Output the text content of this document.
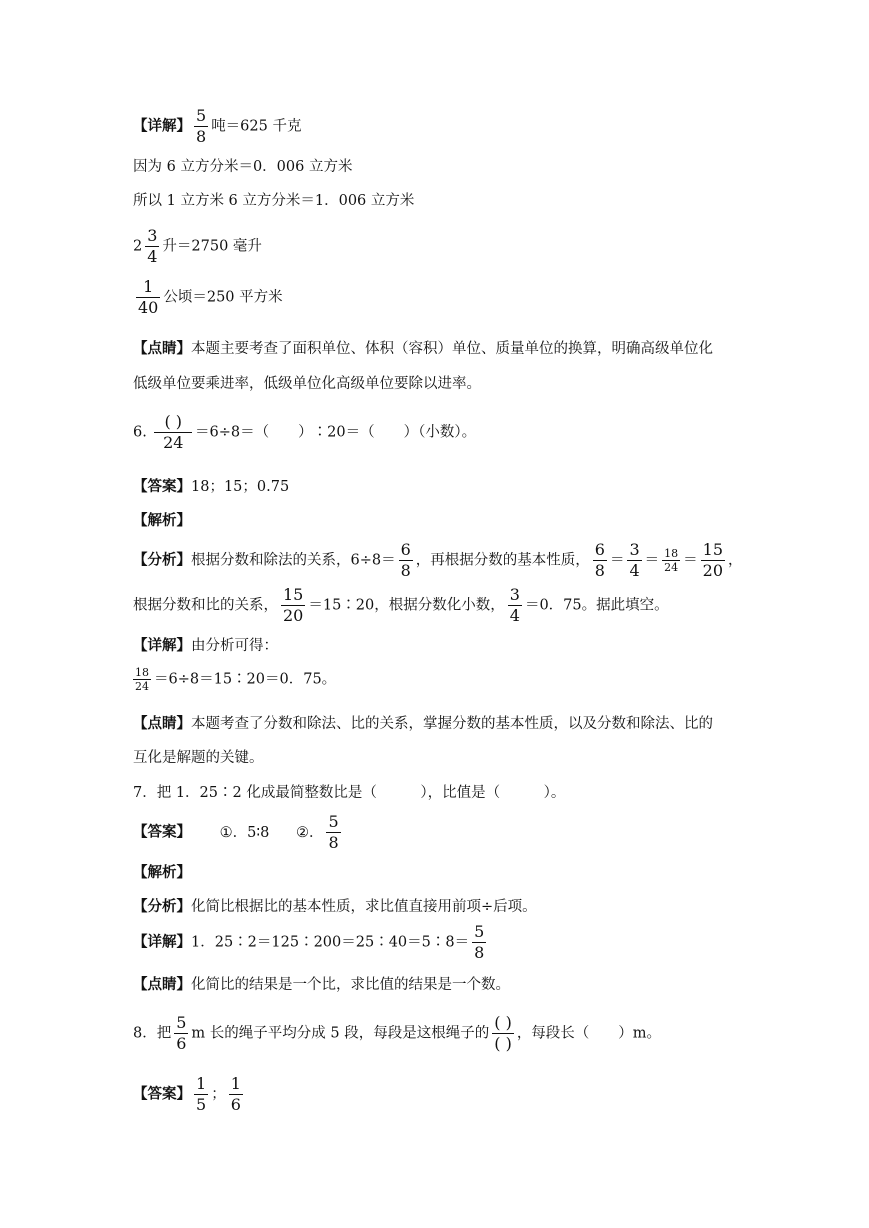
【详解】 $\frac{5}{8}$ 吨＝625 千克
因为 6 立方分米＝0．006 立方米
所以 1 立方米 6 立方分米＝1．006 立方米
$2 \frac{3}{4}$ 升＝2750 毫升
$\frac{1}{40}$ 公顷＝250 平方米
【点睛】本题主要考查了面积单位、体积（容积）单位、质量单位的换算，明确高级单位化
低级单位要乘进率，低级单位化高级单位要除以进率。
6.
( )
24
＝6÷8＝（　　）∶20＝（　　）（小数）。
【答案】18；15；0.75
【解析】
【分析】根据分数和除法的关系，$6\div 8= \frac{6}{8}$ ，再根据分数的基本性质， $\frac{6}{8} = \frac{3}{4} = \frac{18}{24} = \frac{15}{20}$ ，
根据分数和比的关系， $\frac{15}{20}$ ＝15∶20，根据分数化小数， $\frac{3}{4} =0$．75。据此填空。
【详解】由分析可得：
$\frac{18}{24}$ ＝6÷8＝15∶20＝0．75。
【点睛】本题考查了分数和除法、比的关系，掌握分数的基本性质，以及分数和除法、比的
互化是解题的关键。
7．把 1．25∶2 化成最简整数比是（　　　），比值是（　　　）。
【答案】 ①．5∶8 ②． $\frac{5}{8}$
【解析】
【分析】化简比根据比的基本性质，求比值直接用前项÷后项。
【详解】1．25∶2＝125∶200＝25∶40＝5∶8＝ $\frac{5}{8}$
【点睛】化简比的结果是一个比，求比值的结果是一个数。
8．把 $\frac{5}{6}$ m 长的绳子平均分成 5 段，每段是这根绳子的
( )
( )
，每段长（　　）m。
【答案】 $\frac{1}{5}$ ； $\frac{1}{6}$
